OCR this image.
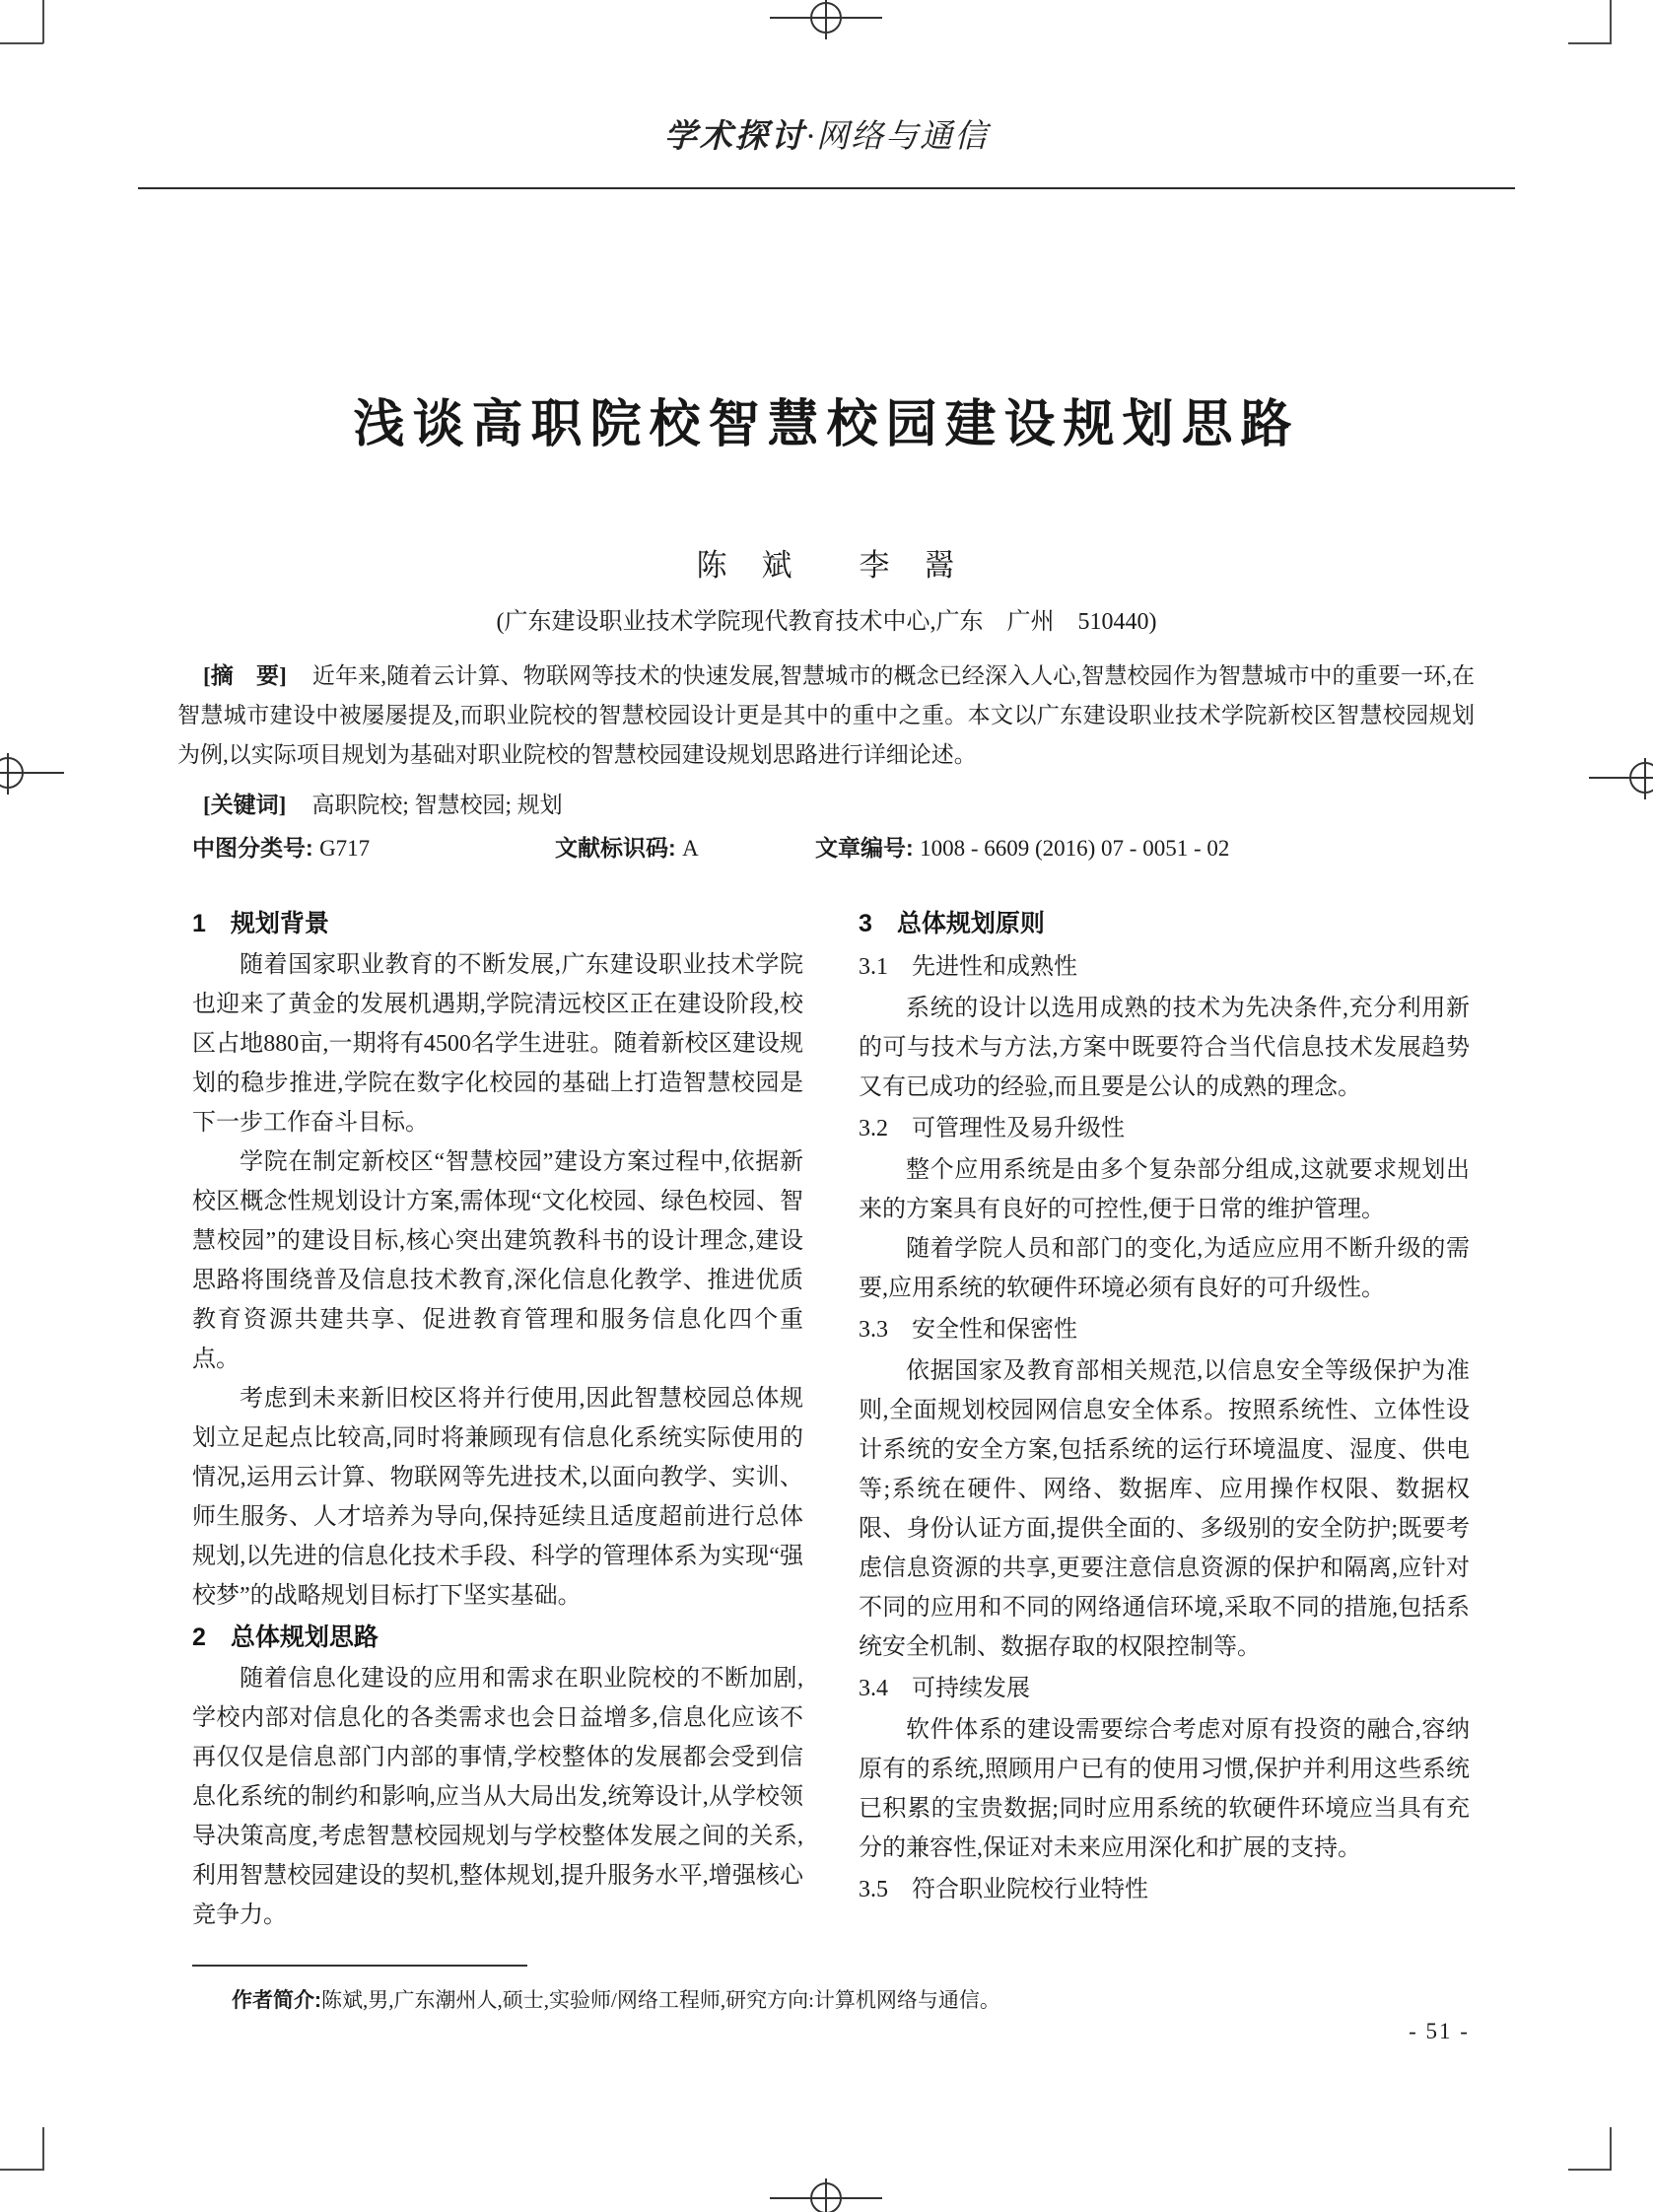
学术探讨·网络与通信
浅谈高职院校智慧校园建设规划思路
陈　斌　　李　翯
(广东建设职业技术学院现代教育技术中心,广东　广州　510440)

[摘　要] 近年来,随着云计算、物联网等技术的快速发展,智慧城市的概念已经深入人心,智慧校园作为智慧城市中的重要一环,在智慧城市建设中被屡屡提及,而职业院校的智慧校园设计更是其中的重中之重。本文以广东建设职业技术学院新校区智慧校园规划为例,以实际项目规划为基础对职业院校的智慧校园建设规划思路进行详细论述。

[关键词] 高职院校; 智慧校园; 规划
中图分类号: G717	文献标识码: A	文章编号: 1008 - 6609 (2016) 07 - 0051 - 02
1　规划背景

随着国家职业教育的不断发展,广东建设职业技术学院也迎来了黄金的发展机遇期,学院清远校区正在建设阶段,校区占地880亩,一期将有4500名学生进驻。随着新校区建设规划的稳步推进,学院在数字化校园的基础上打造智慧校园是下一步工作奋斗目标。

学院在制定新校区“智慧校园”建设方案过程中,依据新校区概念性规划设计方案,需体现“文化校园、绿色校园、智慧校园”的建设目标,核心突出建筑教科书的设计理念,建设思路将围绕普及信息技术教育,深化信息化教学、推进优质教育资源共建共享、促进教育管理和服务信息化四个重点。

考虑到未来新旧校区将并行使用,因此智慧校园总体规划立足起点比较高,同时将兼顾现有信息化系统实际使用的情况,运用云计算、物联网等先进技术,以面向教学、实训、师生服务、人才培养为导向,保持延续且适度超前进行总体规划,以先进的信息化技术手段、科学的管理体系为实现“强校梦”的战略规划目标打下坚实基础。

2　总体规划思路

随着信息化建设的应用和需求在职业院校的不断加剧,学校内部对信息化的各类需求也会日益增多,信息化应该不再仅仅是信息部门内部的事情,学校整体的发展都会受到信息化系统的制约和影响,应当从大局出发,统筹设计,从学校领导决策高度,考虑智慧校园规划与学校整体发展之间的关系,利用智慧校园建设的契机,整体规划,提升服务水平,增强核心竞争力。

3　总体规划原则
3.1　先进性和成熟性

系统的设计以选用成熟的技术为先决条件,充分利用新的可与技术与方法,方案中既要符合当代信息技术发展趋势又有已成功的经验,而且要是公认的成熟的理念。

3.2　可管理性及易升级性

整个应用系统是由多个复杂部分组成,这就要求规划出来的方案具有良好的可控性,便于日常的维护管理。

随着学院人员和部门的变化,为适应应用不断升级的需要,应用系统的软硬件环境必须有良好的可升级性。

3.3　安全性和保密性

依据国家及教育部相关规范,以信息安全等级保护为准则,全面规划校园网信息安全体系。按照系统性、立体性设计系统的安全方案,包括系统的运行环境温度、湿度、供电等;系统在硬件、网络、数据库、应用操作权限、数据权限、身份认证方面,提供全面的、多级别的安全防护;既要考虑信息资源的共享,更要注意信息资源的保护和隔离,应针对不同的应用和不同的网络通信环境,采取不同的措施,包括系统安全机制、数据存取的权限控制等。

3.4　可持续发展

软件体系的建设需要综合考虑对原有投资的融合,容纳原有的系统,照顾用户已有的使用习惯,保护并利用这些系统已积累的宝贵数据;同时应用系统的软硬件环境应当具有充分的兼容性,保证对未来应用深化和扩展的支持。

3.5　符合职业院校行业特性
作者简介:陈斌,男,广东潮州人,硕士,实验师/网络工程师,研究方向:计算机网络与通信。
- 51 -
